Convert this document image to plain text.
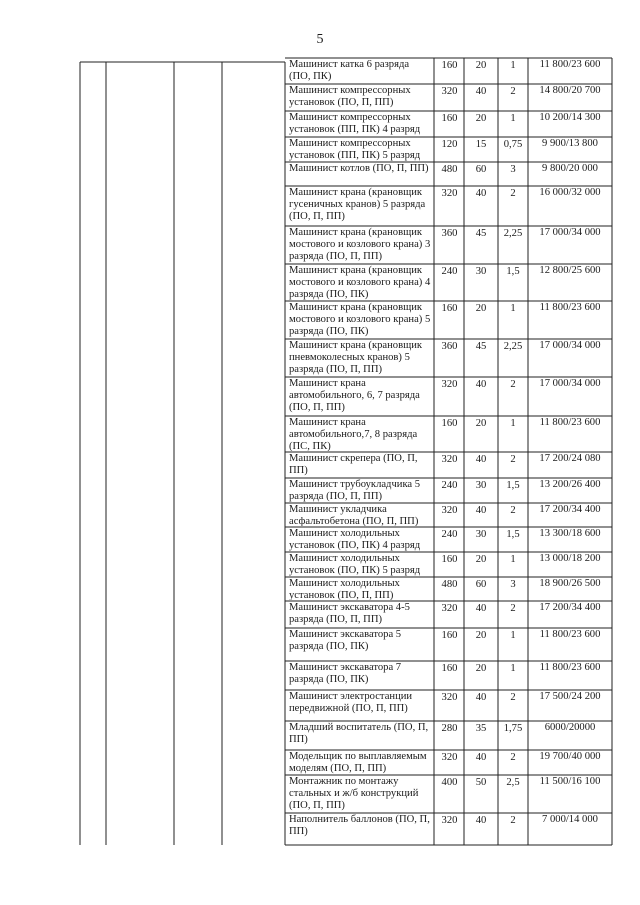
5
Машинист катка 6 разряда (ПО, ПК)
160	20	1	11 800/23 600
Машинист компрессорных установок (ПО, П, ПП)
320	40	2	14 800/20 700
Машинист компрессорных установок (ПП, ПК) 4 разряд
160	20	1	10 200/14 300
Машинист компрессорных установок (ПП, ПК) 5 разряд
120	15	0,75	9 900/13 800
Машинист котлов (ПО, П, ПП)	480	60	3	9 800/20 000
Машинист крана (крановщик гусеничных кранов) 5 разряда (ПО, П, ПП)
320	40	2	16 000/32 000
Машинист крана (крановщик мостового и козлового крана) 3 разряда (ПО, П, ПП)
360	45	2,25	17 000/34 000
Машинист крана (крановщик мостового и козлового крана) 4 разряда (ПО, ПК)
240	30	1,5	12 800/25 600
Машинист крана (крановщик мостового и козлового крана) 5 разряда (ПО, ПК)
160	20	1	11 800/23 600
Машинист крана (крановщик пневмоколесных кранов) 5 разряда (ПО, П, ПП)
360	45	2,25	17 000/34 000
Машинист крана автомобильного, 6, 7 разряда (ПО, П, ПП)
320	40	2	17 000/34 000
Машинист крана автомобильного,7, 8 разряда (ПС, ПК)
160	20	1	11 800/23 600
Машинист скрепера (ПО, П, ПП)
320	40	2	17 200/24 080
Машинист трубоукладчика 5 разряда (ПО, П, ПП)
240	30	1,5	13 200/26 400
Машинист укладчика асфальтобетона (ПО, П, ПП)
320	40	2	17 200/34 400
Машинист холодильных установок (ПО, ПК) 4 разряд
240	30	1,5	13 300/18 600
Машинист холодильных установок (ПО, ПК) 5 разряд
160	20	1	13 000/18 200
Машинист холодильных установок (ПО, П, ПП)
480	60	3	18 900/26 500
Машинист экскаватора 4-5 разряда (ПО, П, ПП)
320	40	2	17 200/34 400
Машинист экскаватора 5 разряда (ПО, ПК)
160	20	1	11 800/23 600
Машинист экскаватора 7 разряда (ПО, ПК)
160	20	1	11 800/23 600
Машинист электростанции передвижной (ПО, П, ПП)
320	40	2	17 500/24 200
Младший воспитатель (ПО, П, ПП)
280	35	1,75	6000/20000
Модельщик по выплавляемым моделям (ПО, П, ПП)
320	40	2	19 700/40 000
Монтажник по монтажу стальных и ж/б конструкций (ПО, П, ПП)
400	50	2,5	11 500/16 100
Наполнитель баллонов (ПО, П, ПП)
320	40	2	7 000/14 000
